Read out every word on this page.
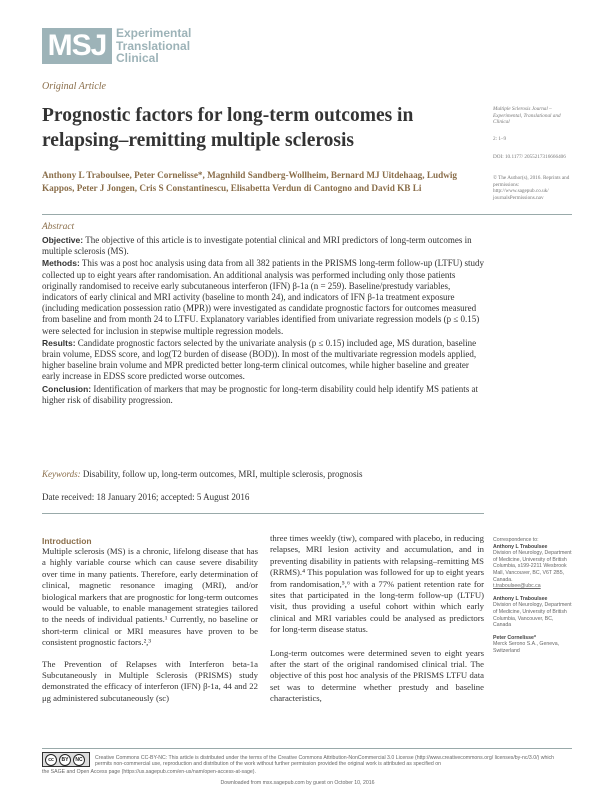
MSJ Experimental
Translational
Clinical
Original Article
Prognostic factors for long-term outcomes in relapsing–remitting multiple sclerosis
Multiple Sclerosis Journal – Experimental, Translational and Clinical
2: 1–9
DOI: 10.1177/ 2055217316666406
© The Author(s), 2016. Reprints and permissions: http://www.sagepub.co.uk/ journalsPermissions.nav
Anthony L Traboulsee, Peter Cornelisse*, Magnhild Sandberg-Wollheim, Bernard MJ Uitdehaag, Ludwig Kappos, Peter J Jongen, Cris S Constantinescu, Elisabetta Verdun di Cantogno and David KB Li
Abstract

Objective: The objective of this article is to investigate potential clinical and MRI predictors of long-term outcomes in multiple sclerosis (MS).

Methods: This was a post hoc analysis using data from all 382 patients in the PRISMS long-term follow-up (LTFU) study collected up to eight years after randomisation. An additional analysis was performed including only those patients originally randomised to receive early subcutaneous interferon (IFN) β-1a (n = 259). Baseline/prestudy variables, indicators of early clinical and MRI activity (baseline to month 24), and indicators of IFN β-1a treatment exposure (including medication possession ratio (MPR)) were investigated as candidate prognostic factors for outcomes measured from baseline and from month 24 to LTFU. Explanatory variables identified from univariate regression models (p ≤ 0.15) were selected for inclusion in stepwise multiple regression models.

Results: Candidate prognostic factors selected by the univariate analysis (p ≤ 0.15) included age, MS duration, baseline brain volume, EDSS score, and log(T2 burden of disease (BOD)). In most of the multivariate regression models applied, higher baseline brain volume and MPR predicted better long-term clinical outcomes, while higher baseline and greater early increase in EDSS score predicted worse outcomes.

Conclusion: Identification of markers that may be prognostic for long-term disability could help identify MS patients at higher risk of disability progression.

Keywords: Disability, follow up, long-term outcomes, MRI, multiple sclerosis, prognosis
Date received: 18 January 2016; accepted: 5 August 2016
Introduction

Multiple sclerosis (MS) is a chronic, lifelong disease that has a highly variable course which can cause severe disability over time in many patients. Therefore, early determination of clinical, magnetic resonance imaging (MRI), and/or biological markers that are prognostic for long-term outcomes would be valuable, to enable management strategies tailored to the needs of individual patients.¹ Currently, no baseline or short-term clinical or MRI measures have proven to be consistent prognostic factors.²,³

The Prevention of Relapses with Interferon beta-1a Subcutaneously in Multiple Sclerosis (PRISMS) study demonstrated the efficacy of interferon (IFN) β-1a, 44 and 22 μg administered subcutaneously (sc)

three times weekly (tiw), compared with placebo, in reducing relapses, MRI lesion activity and accumulation, and in preventing disability in patients with relapsing–remitting MS (RRMS).⁴ This population was followed for up to eight years from randomisation,⁵,⁶ with a 77% patient retention rate for sites that participated in the long-term follow-up (LTFU) visit, thus providing a useful cohort within which early clinical and MRI variables could be analysed as predictors for long-term disease status.

Long-term outcomes were determined seven to eight years after the start of the original randomised clinical trial. The objective of this post hoc analysis of the PRISMS LTFU data set was to determine whether prestudy and baseline characteristics,

Correspondence to:
Anthony L Traboulsee
Division of Neurology, Department of Medicine, University of British Columbia, s199-2211 Wesbrook Mall, Vancouver, BC, V6T 2B5, Canada.
t.traboulsee@ubc.ca
Anthony L Traboulsee
Division of Neurology, Department of Medicine, University of British Columbia, Vancouver, BC, Canada
Peter Cornelisse*
Merck Serono S.A., Geneva, Switzerland
cc	BY	NC	Creative Commons CC-BY-NC: This article is distributed under the terms of the Creative Commons Attribution-NonCommercial 3.0 License (http://www.creativecommons.org/ licenses/by-nc/3.0/) which permits non-commercial use, reproduction and distribution of the work without further permission provided the original work is attributed as specified on
the SAGE and Open Access page (https://us.sagepub.com/en-us/nam/open-access-at-sage).
Downloaded from msx.sagepub.com by guest on October 10, 2016
